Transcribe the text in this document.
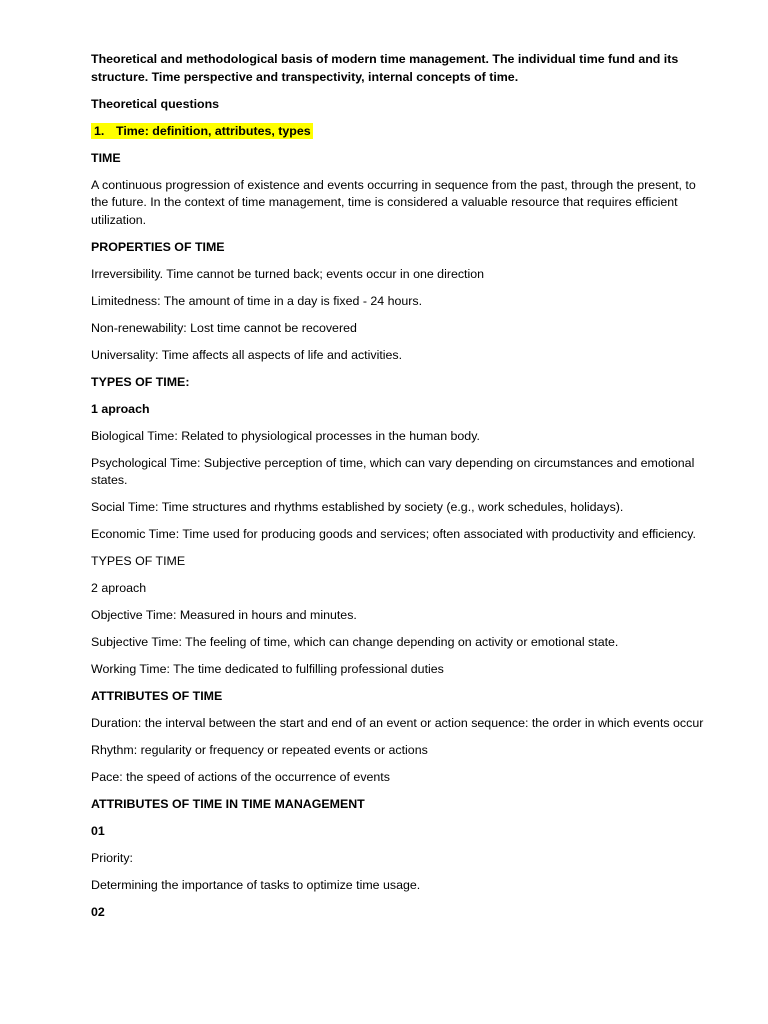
Theoretical and methodological basis of modern time management. The individual time fund and its structure. Time perspective and transpectivity, internal concepts of time.

Theoretical questions

1. Time: definition, attributes, types

TIME

A continuous progression of existence and events occurring in sequence from the past, through the present, to the future. In the context of time management, time is considered a valuable resource that requires efficient utilization.

PROPERTIES OF TIME

Irreversibility. Time cannot be turned back; events occur in one direction

Limitedness: The amount of time in a day is fixed - 24 hours.

Non-renewability: Lost time cannot be recovered

Universality: Time affects all aspects of life and activities.

TYPES OF TIME:

1 aproach

Biological Time: Related to physiological processes in the human body.

Psychological Time: Subjective perception of time, which can vary depending on circumstances and emotional states.

Social Time: Time structures and rhythms established by society (e.g., work schedules, holidays).

Economic Time: Time used for producing goods and services; often associated with productivity and efficiency.

TYPES OF TIME

2 aproach

Objective Time: Measured in hours and minutes.

Subjective Time: The feeling of time, which can change depending on activity or emotional state.

Working Time: The time dedicated to fulfilling professional duties

ATTRIBUTES OF TIME

Duration: the interval between the start and end of an event or action sequence: the order in which events occur

Rhythm: regularity or frequency or repeated events or actions

Pace: the speed of actions of the occurrence of events

ATTRIBUTES OF TIME IN TIME MANAGEMENT

01

Priority:

Determining the importance of tasks to optimize time usage.

02
